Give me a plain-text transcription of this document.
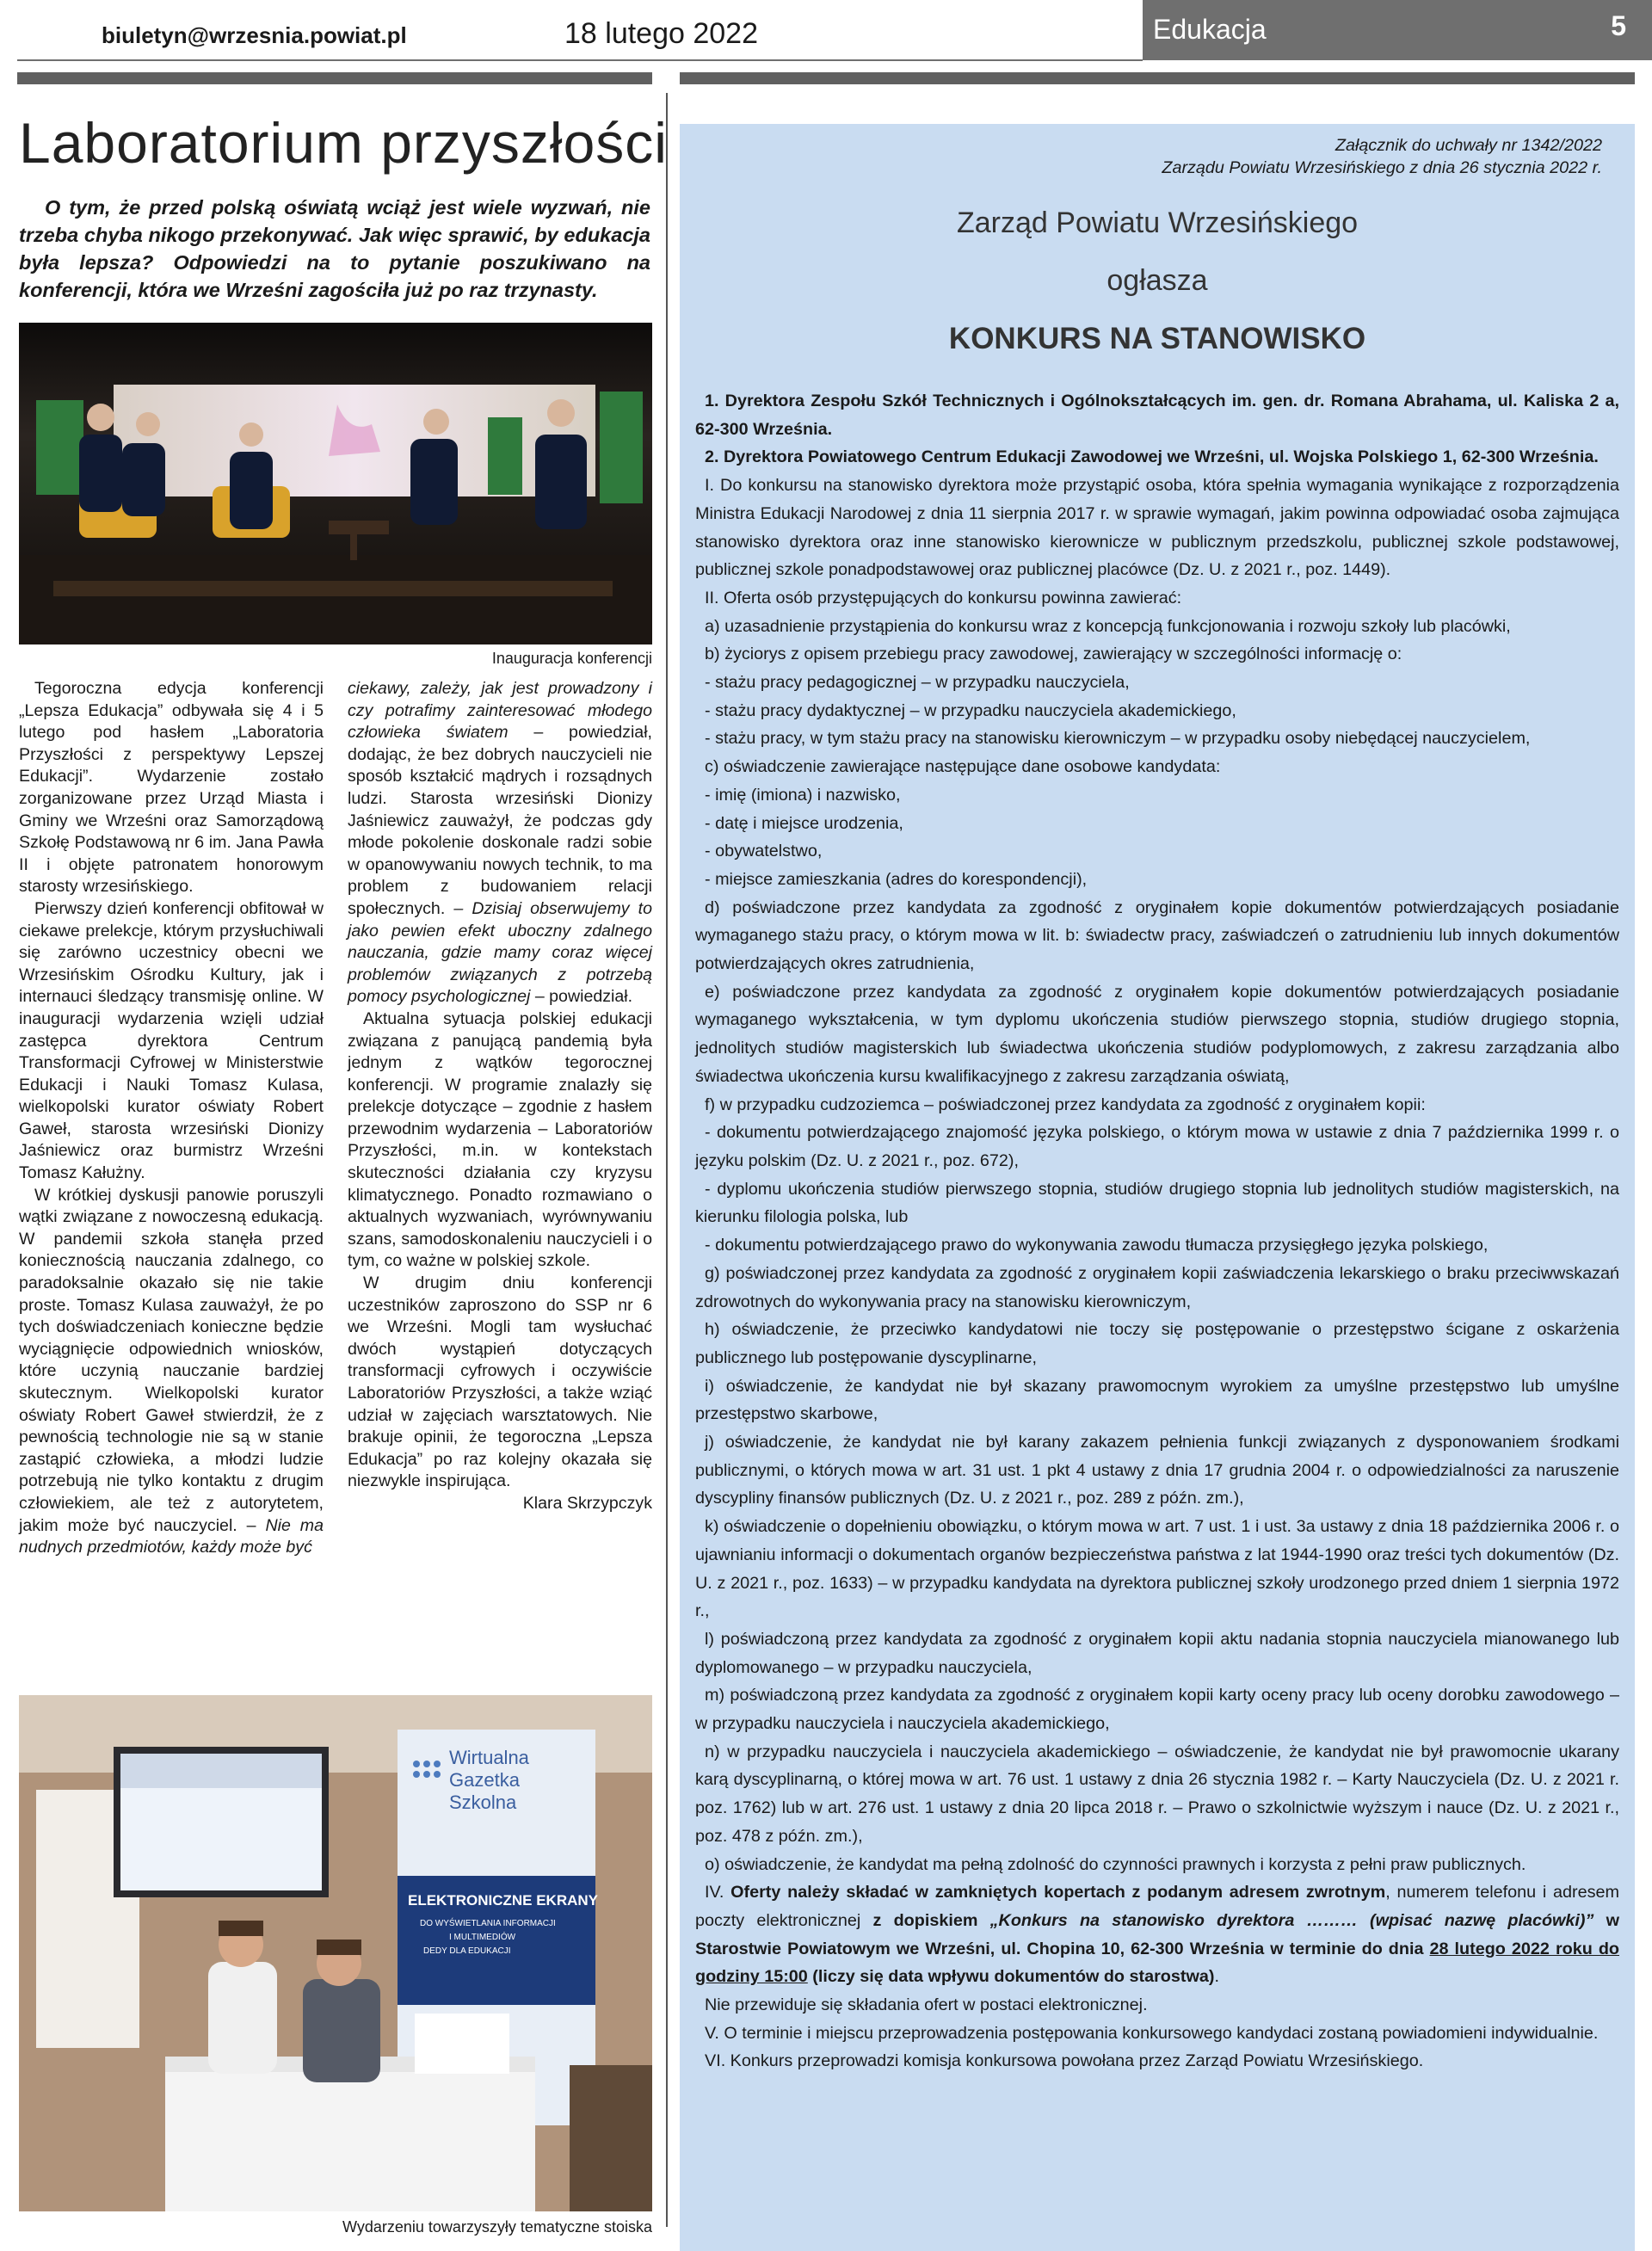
biuletyn@wrzesnia.powiat.pl	18 lutego 2022	Edukacja	5
Laboratorium przyszłości
O tym, że przed polską oświatą wciąż jest wiele wyzwań, nie trzeba chyba nikogo przekonywać. Jak więc sprawić, by edukacja była lepsza? Odpowiedzi na to pytanie poszukiwano na konferencji, która we Wrześni zagościła już po raz trzynasty.
Inauguracja konferencji

Tegoroczna edycja konferencji „Lepsza Edukacja” odbywała się 4 i 5 lutego pod hasłem „Laboratoria Przyszłości z perspektywy Lepszej Edukacji”. Wydarzenie zostało zorganizowane przez Urząd Miasta i Gminy we Wrześni oraz Samorządową Szkołę Podstawową nr 6 im. Jana Pawła II i objęte patronatem honorowym starosty wrzesińskiego.

Pierwszy dzień konferencji obfitował w ciekawe prelekcje, którym przysłuchiwali się zarówno uczestnicy obecni we Wrzesińskim Ośrodku Kultury, jak i internauci śledzący transmisję online. W inauguracji wydarzenia wzięli udział zastępca dyrektora Centrum Transformacji Cyfrowej w Ministerstwie Edukacji i Nauki Tomasz Kulasa, wielkopolski kurator oświaty Robert Gaweł, starosta wrzesiński Dionizy Jaśniewicz oraz burmistrz Wrześni Tomasz Kałużny.

W krótkiej dyskusji panowie poruszyli wątki związane z nowoczesną edukacją. W pandemii szkoła stanęła przed koniecznością nauczania zdalnego, co paradoksalnie okazało się nie takie proste. Tomasz Kulasa zauważył, że po tych doświadczeniach konieczne będzie wyciągnięcie odpowiednich wniosków, które uczynią nauczanie bardziej skutecznym. Wielkopolski kurator oświaty Robert Gaweł stwierdził, że z pewnością technologie nie są w stanie zastąpić człowieka, a młodzi ludzie potrzebują nie tylko kontaktu z drugim człowiekiem, ale też z autorytetem, jakim może być nauczyciel. – Nie ma nudnych przedmiotów, każdy może być

ciekawy, zależy, jak jest prowadzony i czy potrafimy zainteresować młodego człowieka światem – powiedział, dodając, że bez dobrych nauczycieli nie sposób kształcić mądrych i rozsądnych ludzi. Starosta wrzesiński Dionizy Jaśniewicz zauważył, że podczas gdy młode pokolenie doskonale radzi sobie w opanowywaniu nowych technik, to ma problem z budowaniem relacji społecznych. – Dzisiaj obserwujemy to jako pewien efekt uboczny zdalnego nauczania, gdzie mamy coraz więcej problemów związanych z potrzebą pomocy psychologicznej – powiedział.

Aktualna sytuacja polskiej edukacji związana z panującą pandemią była jednym z wątków tegorocznej konferencji. W programie znalazły się prelekcje dotyczące – zgodnie z hasłem przewodnim wydarzenia – Laboratoriów Przyszłości, m.in. w kontekstach skuteczności działania czy kryzysu klimatycznego. Ponadto rozmawiano o aktualnych wyzwaniach, wyrównywaniu szans, samodoskonaleniu nauczycieli i o tym, co ważne w polskiej szkole.

W drugim dniu konferencji uczestników zaproszono do SSP nr 6 we Wrześni. Mogli tam wysłuchać dwóch wystąpień dotyczących transformacji cyfrowych i oczywiście Laboratoriów Przyszłości, a także wziąć udział w zajęciach warsztatowych. Nie brakuje opinii, że tegoroczna „Lepsza Edukacja” po raz kolejny okazała się niezwykle inspirująca.

Klara Skrzypczyk

Wirtualna
Gazetka
Szkolna
ELEKTRONICZNE EKRANY
DO WYŚWIETLANIA INFORMACJI
I MULTIMEDIÓW
DEDY DLA EDUKACJI
Wydarzeniu towarzyszyły tematyczne stoiska
Załącznik do uchwały nr 1342/2022
Zarządu Powiatu Wrzesińskiego z dnia 26 stycznia 2022 r.
Zarząd Powiatu Wrzesińskiego
ogłasza
KONKURS NA STANOWISKO

1. Dyrektora Zespołu Szkół Technicznych i Ogólnokształcących im. gen. dr. Romana Abrahama, ul. Kaliska 2 a, 62-300 Września.

2. Dyrektora Powiatowego Centrum Edukacji Zawodowej we Wrześni, ul. Wojska Polskiego 1, 62-300 Września.

I. Do konkursu na stanowisko dyrektora może przystąpić osoba, która spełnia wymagania wynikające z rozporządzenia Ministra Edukacji Narodowej z dnia 11 sierpnia 2017 r. w sprawie wymagań, jakim powinna odpowiadać osoba zajmująca stanowisko dyrektora oraz inne stanowisko kierownicze w publicznym przedszkolu, publicznej szkole podstawowej, publicznej szkole ponadpodstawowej oraz publicznej placówce (Dz. U. z 2021 r., poz. 1449).

II. Oferta osób przystępujących do konkursu powinna zawierać:

a) uzasadnienie przystąpienia do konkursu wraz z koncepcją funkcjonowania i rozwoju szkoły lub placówki,

b) życiorys z opisem przebiegu pracy zawodowej, zawierający w szczególności informację o:

- stażu pracy pedagogicznej – w przypadku nauczyciela,

- stażu pracy dydaktycznej – w przypadku nauczyciela akademickiego,

- stażu pracy, w tym stażu pracy na stanowisku kierowniczym – w przypadku osoby niebędącej nauczycielem,

c) oświadczenie zawierające następujące dane osobowe kandydata:

- imię (imiona) i nazwisko,

- datę i miejsce urodzenia,

- obywatelstwo,

- miejsce zamieszkania (adres do korespondencji),

d) poświadczone przez kandydata za zgodność z oryginałem kopie dokumentów potwierdzających posiadanie wymaganego stażu pracy, o którym mowa w lit. b: świadectw pracy, zaświadczeń o zatrudnieniu lub innych dokumentów potwierdzających okres zatrudnienia,

e) poświadczone przez kandydata za zgodność z oryginałem kopie dokumentów potwierdzających posiadanie wymaganego wykształcenia, w tym dyplomu ukończenia studiów pierwszego stopnia, studiów drugiego stopnia, jednolitych studiów magisterskich lub świadectwa ukończenia studiów podyplomowych, z zakresu zarządzania albo świadectwa ukończenia kursu kwalifikacyjnego z zakresu zarządzania oświatą,

f) w przypadku cudzoziemca – poświadczonej przez kandydata za zgodność z oryginałem kopii:

- dokumentu potwierdzającego znajomość języka polskiego, o którym mowa w ustawie z dnia 7 października 1999 r. o języku polskim (Dz. U. z 2021 r., poz. 672),

- dyplomu ukończenia studiów pierwszego stopnia, studiów drugiego stopnia lub jednolitych studiów magisterskich, na kierunku filologia polska, lub

- dokumentu potwierdzającego prawo do wykonywania zawodu tłumacza przysięgłego języka polskiego,

g) poświadczonej przez kandydata za zgodność z oryginałem kopii zaświadczenia lekarskiego o braku przeciwwskazań zdrowotnych do wykonywania pracy na stanowisku kierowniczym,

h) oświadczenie, że przeciwko kandydatowi nie toczy się postępowanie o przestępstwo ścigane z oskarżenia publicznego lub postępowanie dyscyplinarne,

i) oświadczenie, że kandydat nie był skazany prawomocnym wyrokiem za umyślne przestępstwo lub umyślne przestępstwo skarbowe,

j) oświadczenie, że kandydat nie był karany zakazem pełnienia funkcji związanych z dysponowaniem środkami publicznymi, o których mowa w art. 31 ust. 1 pkt 4 ustawy z dnia 17 grudnia 2004 r. o odpowiedzialności za naruszenie dyscypliny finansów publicznych (Dz. U. z 2021 r., poz. 289 z późn. zm.),

k) oświadczenie o dopełnieniu obowiązku, o którym mowa w art. 7 ust. 1 i ust. 3a ustawy z dnia 18 października 2006 r. o ujawnianiu informacji o dokumentach organów bezpieczeństwa państwa z lat 1944-1990 oraz treści tych dokumentów (Dz. U. z 2021 r., poz. 1633) – w przypadku kandydata na dyrektora publicznej szkoły urodzonego przed dniem 1 sierpnia 1972 r.,

l) poświadczoną przez kandydata za zgodność z oryginałem kopii aktu nadania stopnia nauczyciela mianowanego lub dyplomowanego – w przypadku nauczyciela,

m) poświadczoną przez kandydata za zgodność z oryginałem kopii karty oceny pracy lub oceny dorobku zawodowego – w przypadku nauczyciela i nauczyciela akademickiego,

n) w przypadku nauczyciela i nauczyciela akademickiego – oświadczenie, że kandydat nie był prawomocnie ukarany karą dyscyplinarną, o której mowa w art. 76 ust. 1 ustawy z dnia 26 stycznia 1982 r. – Karty Nauczyciela (Dz. U. z 2021 r. poz. 1762) lub w art. 276 ust. 1 ustawy z dnia 20 lipca 2018 r. – Prawo o szkolnictwie wyższym i nauce (Dz. U. z 2021 r., poz. 478 z późn. zm.),

o) oświadczenie, że kandydat ma pełną zdolność do czynności prawnych i korzysta z pełni praw publicznych.

IV. Oferty należy składać w zamkniętych kopertach z podanym adresem zwrotnym, numerem telefonu i adresem poczty elektronicznej z dopiskiem „Konkurs na stanowisko dyrektora ……… (wpisać nazwę placówki)” w Starostwie Powiatowym we Wrześni, ul. Chopina 10, 62-300 Września w terminie do dnia 28 lutego 2022 roku do godziny 15:00 (liczy się data wpływu dokumentów do starostwa).

Nie przewiduje się składania ofert w postaci elektronicznej.

V. O terminie i miejscu przeprowadzenia postępowania konkursowego kandydaci zostaną powiadomieni indywidualnie.

VI. Konkurs przeprowadzi komisja konkursowa powołana przez Zarząd Powiatu Wrzesińskiego.
